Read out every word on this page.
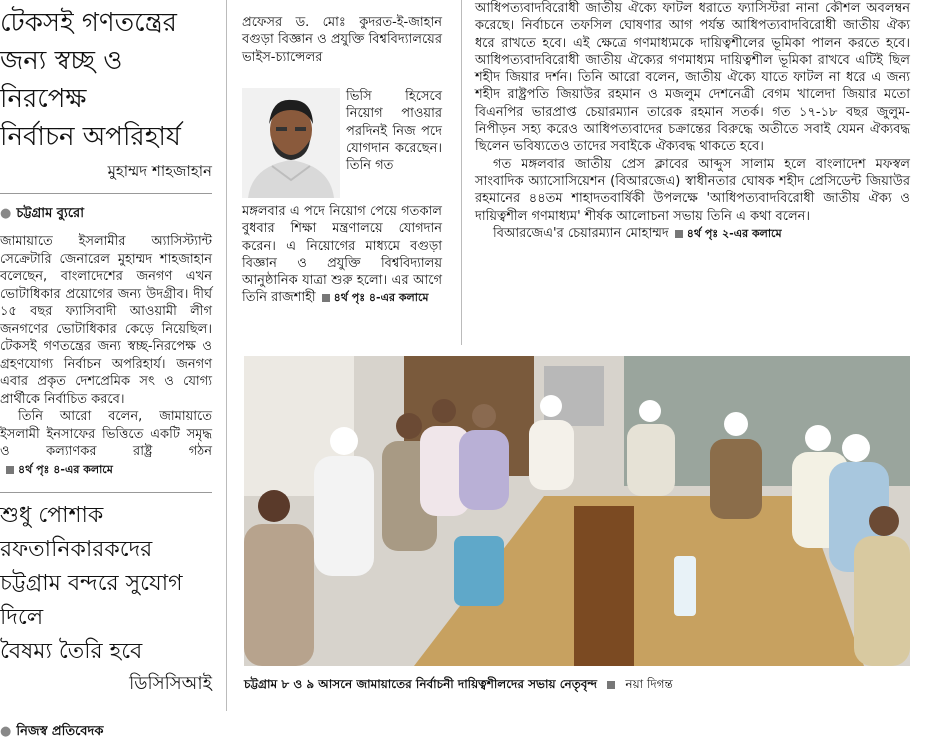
টেকসই গণতন্ত্রের
জন্য স্বচ্ছ ও নিরপেক্ষ
নির্বাচন অপরিহার্য
মুহাম্মদ শাহজাহান
● চট্টগ্রাম ব্যুরো

জামায়াতে ইসলামীর অ্যাসিস্ট্যান্ট সেক্রেটারি জেনারেল মুহাম্মদ শাহজাহান বলেছেন, বাংলাদেশের জনগণ এখন ভোটাধিকার প্রয়োগের জন্য উদগ্রীব। দীর্ঘ ১৫ বছর ফ্যাসিবাদী আওয়ামী লীগ জনগণের ভোটাধিকার কেড়ে নিয়েছিল। টেকসই গণতন্ত্রের জন্য স্বচ্ছ-নিরপেক্ষ ও গ্রহণযোগ্য নির্বাচন অপরিহার্য। জনগণ এবার প্রকৃত দেশপ্রেমিক সৎ ও যোগ্য প্রার্থীকে নির্বাচিত করবে।

তিনি আরো বলেন, জামায়াতে ইসলামী ইনসাফের ভিত্তিতে একটি সমৃদ্ধ ও কল্যাণকর রাষ্ট্র গঠন৪র্থ পৃঃ ৪-এর কলামে

শুধু পোশাক রফতানিকারকদের
চট্টগ্রাম বন্দরে সুযোগ দিলে
বৈষম্য তৈরি হবে
ডিসিসিআই
● নিজস্ব প্রতিবেদক
প্রফেসর ড. মোঃ কুদরত-ই-জাহান বগুড়া বিজ্ঞান ও প্রযুক্তি বিশ্ববিদ্যালয়ের ভাইস-চ্যান্সেলর
ভিসি হিসেবে নিয়োগ পাওয়ার পরদিনই নিজ পদে যোগদান করেছেন। তিনি গত
মঙ্গলবার এ পদে নিয়োগ পেয়ে গতকাল বুধবার শিক্ষা মন্ত্রণালয়ে যোগদান করেন। এ নিয়োগের মাধ্যমে বগুড়া বিজ্ঞান ও প্রযুক্তি বিশ্ববিদ্যালয় আনুষ্ঠানিক যাত্রা শুরু হলো। এর আগে তিনি রাজশাহী ৪র্থ পৃঃ ৪-এর কলামে

আধিপত্যবাদবিরোধী জাতীয় ঐক্যে ফাটল ধরাতে ফ্যাসিস্টরা নানা কৌশল অবলম্বন করেছে। নির্বাচনে তফসিল ঘোষণার আগ পর্যন্ত আধিপত্যবাদবিরোধী জাতীয় ঐক্য ধরে রাখতে হবে। এই ক্ষেত্রে গণমাধ্যমকে দায়িত্বশীলের ভূমিকা পালন করতে হবে। আধিপত্যবাদবিরোধী জাতীয় ঐক্যের গণমাধ্যম দায়িত্বশীল ভূমিকা রাখবে এটিই ছিল শহীদ জিয়ার দর্শন। তিনি আরো বলেন, জাতীয় ঐক্যে যাতে ফাটল না ধরে এ জন্য শহীদ রাষ্ট্রপতি জিয়াউর রহমান ও মজলুম দেশনেত্রী বেগম খালেদা জিয়ার মতো বিএনপির ভারপ্রাপ্ত চেয়ারম্যান তারেক রহমান সতর্ক। গত ১৭-১৮ বছর জুলুম-নিপীড়ন সহ্য করেও আধিপত্যবাদের চক্রান্তের বিরুদ্ধে অতীতে সবাই যেমন ঐক্যবদ্ধ ছিলেন ভবিষ্যতেও তাদের সবাইকে ঐক্যবদ্ধ থাকতে হবে।

গত মঙ্গলবার জাতীয় প্রেস ক্লাবের আব্দুস সালাম হলে বাংলাদেশ মফস্বল সাংবাদিক অ্যাসোসিয়েশন (বিআরজেএ) স্বাধীনতার ঘোষক শহীদ প্রেসিডেন্ট জিয়াউর রহমানের ৪৪তম শাহাদতবার্ষিকী উপলক্ষে 'আধিপত্যবাদবিরোধী জাতীয় ঐক্য ও দায়িত্বশীল গণমাধ্যম' শীর্ষক আলোচনা সভায় তিনি এ কথা বলেন।

বিআরজেএ'র চেয়ারম্যান মোহাম্মদ ৪র্থ পৃঃ ২-এর কলামে

চট্টগ্রাম ৮ ও ৯ আসনে জামায়াতের নির্বাচনী দায়িত্বশীলদের সভায় নেতৃবৃন্দ নয়া দিগন্ত
